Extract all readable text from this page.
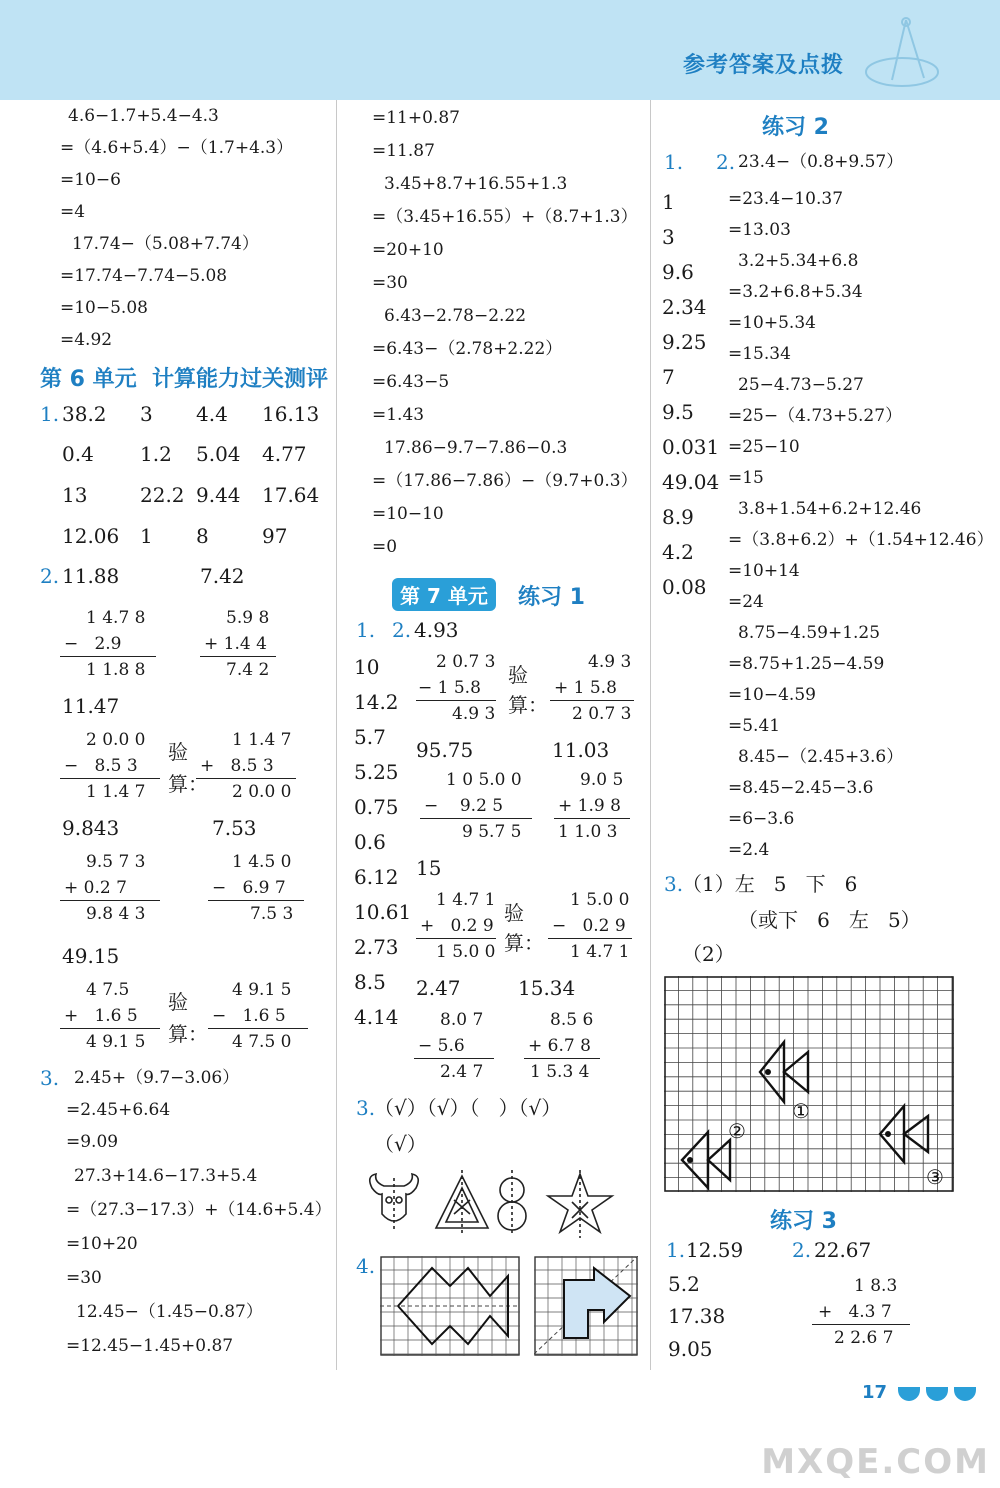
参考答案及点拨
4.6−1.7+5.4−4.3
=（4.6+5.4）−（1.7+4.3）
=10−6
=4
17.74−（5.08+7.74）
=17.74−7.74−5.08
=10−5.08
=4.92
第 6 单元  计算能力过关测评
1. 38.2 3 4.4 16.13
0.4 1.2 5.04 4.77
13	22.2 9.44 17.64
12.06 1 8	97
2. 11.88	7.42
1 4.7 8
−   2.9
1 1.8 8
5.9 8
+ 1.4 4
7.4 2
11.47
2 0.0 0
−   8.5 3
1 1.4 7
验算：
1 1.4 7
+   8.5 3
2 0.0 0
9.843	7.53
9.5 7 3
+ 0.2 7
9.8 4 3
1 4.5 0
−   6.9 7
7.5 3
49.15
4 7.5
+   1.6 5
4 9.1 5
验算：
4 9.1 5
−   1.6 5
4 7.5 0
3. 2.45+（9.7−3.06）
=2.45+6.64
=9.09
27.3+14.6−17.3+5.4
=（27.3−17.3）+（14.6+5.4）
=10+20
=30
12.45−（1.45−0.87）
=12.45−1.45+0.87
=11+0.87
=11.87
3.45+8.7+16.55+1.3
=（3.45+16.55）+（8.7+1.3）
=20+10
=30
6.43−2.78−2.22
=6.43−（2.78+2.22）
=6.43−5
=1.43
17.86−9.7−7.86−0.3
=（17.86−7.86）−（9.7+0.3）
=10−10
=0
第 7 单元	练习 1
1. 2. 4.93
10
14.2
5.7
5.25
0.75
0.6
6.12
10.61
2.73
8.5
4.14
2 0.7 3
− 1 5.8
4.9 3
验算：
4.9 3
+ 1 5.8
2 0.7 3
95.75	11.03
1 0 5.0 0
−    9.2 5
9 5.7 5
9.0 5
+ 1.9 8
1 1.0 3
15
1 4.7 1
+   0.2 9
1 5.0 0
验算：
1 5.0 0
−   0.2 9
1 4.7 1
2.47	15.34
8.0 7
− 5.6
2.4 7
8.5 6
+ 6.7 8
1 5.3 4
3.
（√）（√）（   ）（√）
（√）
4.
练习 2
1. 2.
1
3
9.6
2.34
9.25
7
9.5
0.031
49.04
8.9
4.2
0.08
23.4−（0.8+9.57）
=23.4−10.37
=13.03
3.2+5.34+6.8
=3.2+6.8+5.34
=10+5.34
=15.34
25−4.73−5.27
=25−（4.73+5.27）
=25−10
=15
3.8+1.54+6.2+12.46
=（3.8+6.2）+（1.54+12.46）
=10+14
=24
8.75−4.59+1.25
=8.75+1.25−4.59
=10−4.59
=5.41
8.45−（2.45+3.6）
=8.45−2.45−3.6
=6−3.6
=2.4
3.
（1）左   5   下   6
（或下   6   左   5）
（2）
①
②
③
练习 3
1. 12.59
5.2
17.38
9.05
2. 22.67
1 8.3
+   4.3 7
2 2.6 7
17
MXQE.COM
